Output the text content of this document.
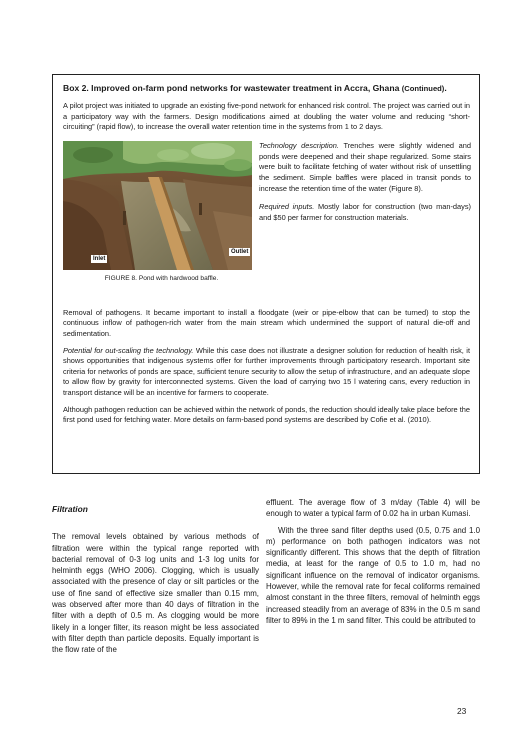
Box 2. Improved on-farm pond networks for wastewater treatment in Accra, Ghana (Continued).

A pilot project was initiated to upgrade an existing five-pond network for enhanced risk control. The project was carried out in a participatory way with the farmers. Design modifications aimed at doubling the water volume and reducing “short-circuiting” (rapid flow), to increase the overall water retention time in the systems from 1 to 2 days.

Inlet
Outlet
FIGURE 8. Pond with hardwood baffle.

Technology description. Trenches were slightly widened and ponds were deepened and their shape regularized. Some stairs were built to facilitate fetching of water without risk of unsettling the sediment. Simple baffles were placed in transit ponds to increase the retention time of the water (Figure 8).

Required inputs. Mostly labor for construction (two man-days) and $50 per farmer for construction materials.

Removal of pathogens. It became important to install a floodgate (weir or pipe-elbow that can be turned) to stop the continuous inflow of pathogen-rich water from the main stream which undermined the support of natural die-off and sedimentation.

Potential for out-scaling the technology. While this case does not illustrate a designer solution for reduction of health risk, it shows opportunities that indigenous systems offer for further improvements through participatory research. Important site criteria for networks of ponds are space, sufficient tenure security to allow the setup of infrastructure, and an adequate slope to allow flow by gravity for interconnected systems. Given the load of carrying two 15 l watering cans, every reduction in transport distance will be an incentive for farmers to cooperate.

Although pathogen reduction can be achieved within the network of ponds, the reduction should ideally take place before the first pond used for fetching water. More details on farm-based pond systems are described by Cofie et al. (2010).

Filtration

The removal levels obtained by various methods of filtration were within the typical range reported with bacterial removal of 0-3 log units and 1-3 log units for helminth eggs (WHO 2006). Clogging, which is usually associated with the presence of clay or silt particles or the use of fine sand of effective size smaller than 0.15 mm, was observed after more than 40 days of filtration in the filter with a depth of 0.5 m. As clogging would be more likely in a longer filter, its reason might be less associated with filter depth than particle deposits. Equally important is the flow rate of the

effluent. The average flow of 3 m/day (Table 4) will be enough to water a typical farm of 0.02 ha in urban Kumasi.

With the three sand filter depths used (0.5, 0.75 and 1.0 m) performance on both pathogen indicators was not significantly different. This shows that the depth of filtration media, at least for the range of 0.5 to 1.0 m, had no significant influence on the removal of indicator organisms. However, while the removal rate for fecal coliforms remained almost constant in the three filters, removal of helminth eggs increased steadily from an average of 83% in the 0.5 m sand filter to 89% in the 1 m sand filter. This could be attributed to

23
